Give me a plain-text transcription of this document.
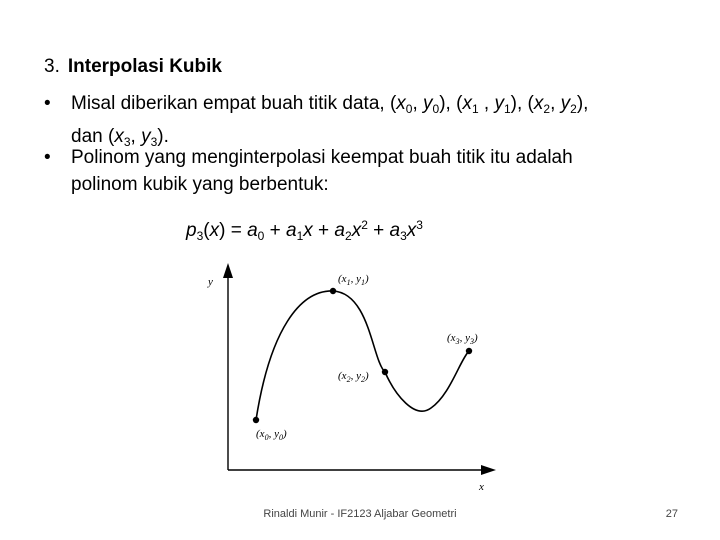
3. Interpolasi Kubik
•	Misal diberikan empat buah titik data, ($x_0$, $y_0$), ($x_1$ , $y_1$), ($x_2$, $y_2$),
dan ($x_3$, $y_3$).
•	Polinom yang menginterpolasi keempat buah titik itu adalah
polinom kubik yang berbentuk:
$p_3(x) = a_0 + a_1x + a_2x^2 + a_3x^3$
y
x
($x_0$, $y_0$)
($x_1$, $y_1$)
($x_2$, $y_2$)
($x_3$, $y_3$)
Rinaldi Munir - IF2123 Aljabar Geometri	27
